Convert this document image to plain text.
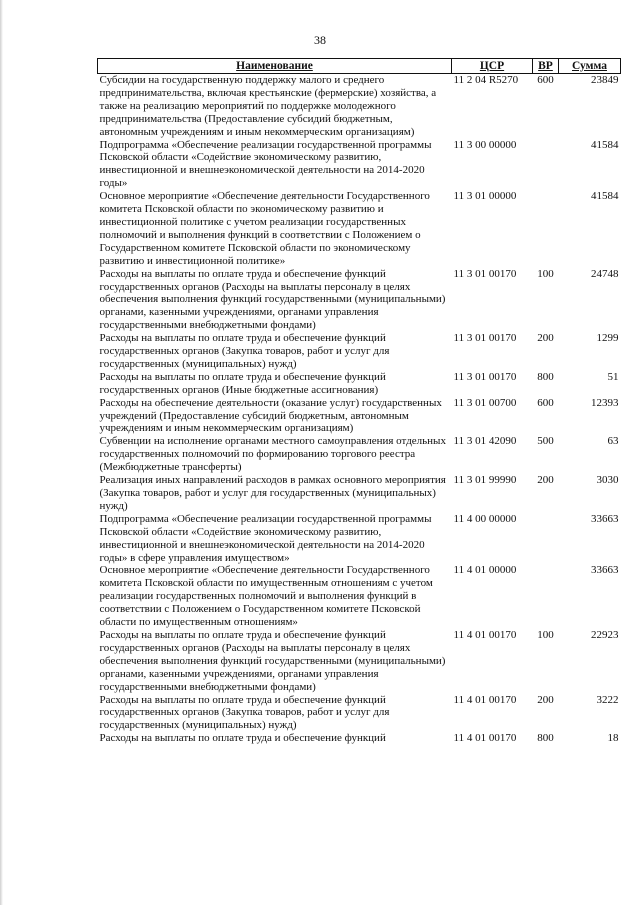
38
Наименование	ЦСР	ВР	Сумма
Субсидии на государственную поддержку малого и среднего предпринимательства, включая крестьянские (фермерские) хозяйства, а также на реализацию мероприятий по поддержке молодежного предпринимательства (Предоставление субсидий бюджетным, автономным учреждениям и иным некоммерческим организациям)	11 2 04 R5270	600	23849
Подпрограмма «Обеспечение реализации государственной программы Псковской области «Содействие экономическому развитию, инвестиционной и внешнеэкономической деятельности на 2014-2020 годы»	11 3 00 00000		41584
Основное мероприятие «Обеспечение деятельности Государственного комитета Псковской области по экономическому развитию и инвестиционной политике с учетом реализации государственных полномочий и выполнения функций в соответствии с Положением о Государственном комитете Псковской области по экономическому развитию и инвестиционной политике»	11 3 01 00000		41584
Расходы на выплаты по оплате труда и обеспечение функций государственных органов (Расходы на выплаты персоналу в целях обеспечения выполнения функций государственными (муниципальными) органами, казенными учреждениями, органами управления государственными внебюджетными фондами)	11 3 01 00170	100	24748
Расходы на выплаты по оплате труда и обеспечение функций государственных органов (Закупка товаров, работ и услуг для государственных (муниципальных) нужд)	11 3 01 00170	200	1299
Расходы на выплаты по оплате труда и обеспечение функций государственных органов (Иные бюджетные ассигнования)	11 3 01 00170	800	51
Расходы на обеспечение деятельности (оказание услуг) государственных учреждений (Предоставление субсидий бюджетным, автономным учреждениям и иным некоммерческим организациям)	11 3 01 00700	600	12393
Субвенции на исполнение органами местного самоуправления отдельных государственных полномочий по формированию торгового реестра (Межбюджетные трансферты)	11 3 01 42090	500	63
Реализация иных направлений расходов в рамках основного мероприятия (Закупка товаров, работ и услуг для государственных (муниципальных) нужд)	11 3 01 99990	200	3030
Подпрограмма «Обеспечение реализации государственной программы Псковской области «Содействие экономическому развитию, инвестиционной и внешнеэкономической деятельности на 2014-2020 годы» в сфере управления имуществом»	11 4 00 00000		33663
Основное мероприятие «Обеспечение деятельности Государственного комитета Псковской области по имущественным отношениям с учетом реализации государственных полномочий и выполнения функций в соответствии с Положением о Государственном комитете Псковской области по имущественным отношениям»	11 4 01 00000		33663
Расходы на выплаты по оплате труда и обеспечение функций государственных органов (Расходы на выплаты персоналу в целях обеспечения выполнения функций государственными (муниципальными) органами, казенными учреждениями, органами управления государственными внебюджетными фондами)	11 4 01 00170	100	22923
Расходы на выплаты по оплате труда и обеспечение функций государственных органов (Закупка товаров, работ и услуг для государственных (муниципальных) нужд)	11 4 01 00170	200	3222
Расходы на выплаты по оплате труда и обеспечение функций	11 4 01 00170	800	18
